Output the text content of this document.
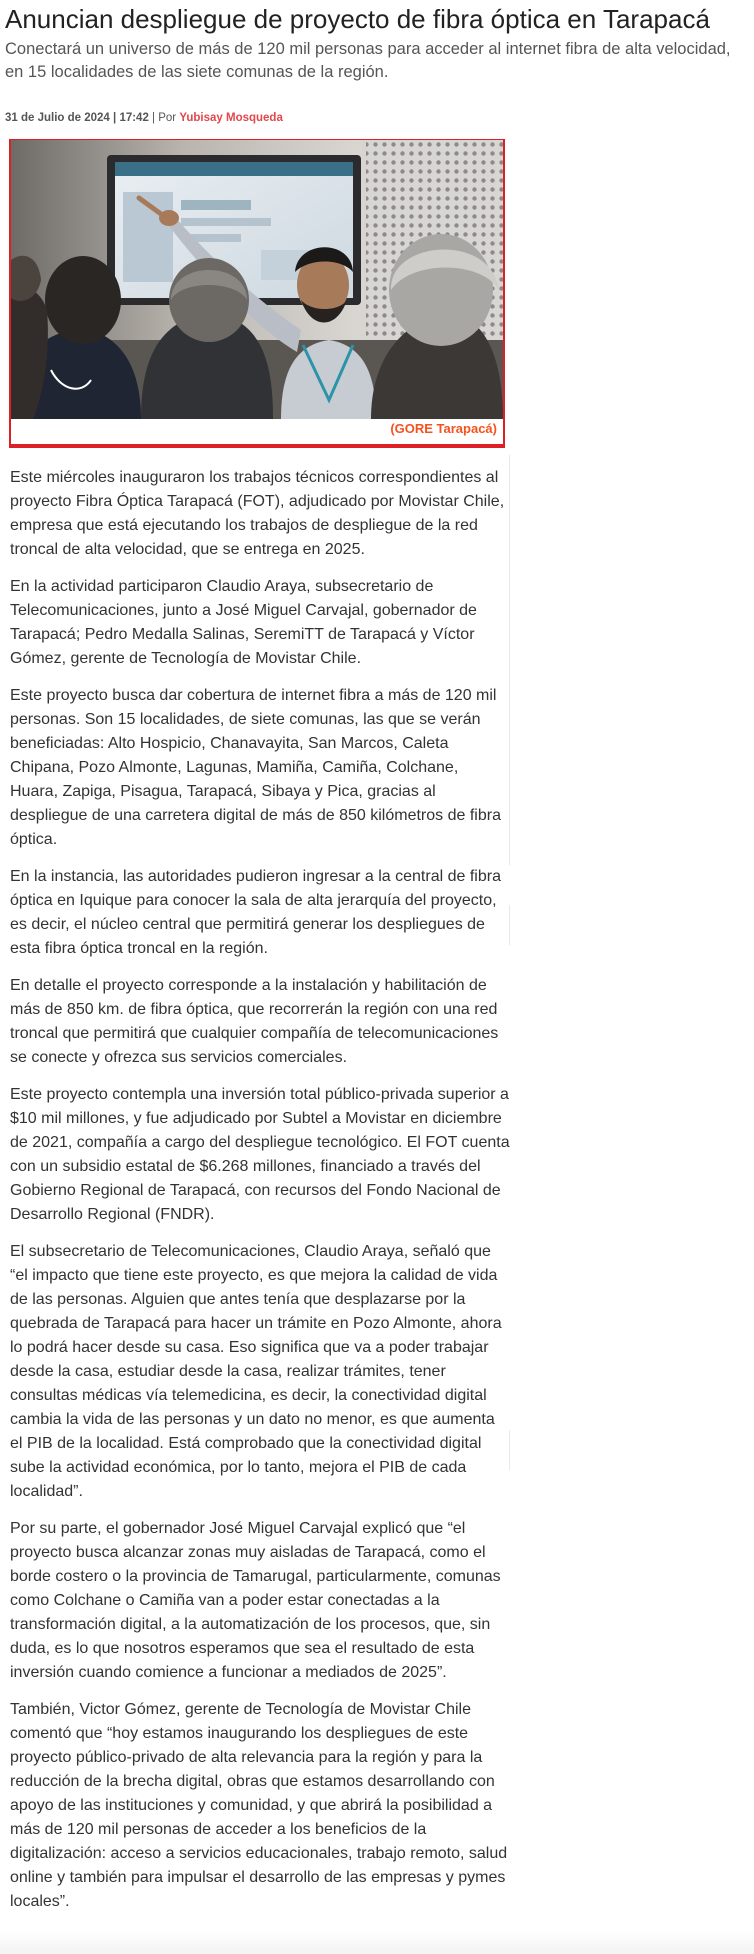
Anuncian despliegue de proyecto de fibra óptica en Tarapacá

Conectará un universo de más de 120 mil personas para acceder al internet fibra de alta velocidad, en 15 localidades de las siete comunas de la región.

31 de Julio de 2024 | 17:42 | Por Yubisay Mosqueda
(GORE Tarapacá)

Este miércoles inauguraron los trabajos técnicos correspondientes al proyecto Fibra Óptica Tarapacá (FOT), adjudicado por Movistar Chile, empresa que está ejecutando los trabajos de despliegue de la red troncal de alta velocidad, que se entrega en 2025.

En la actividad participaron Claudio Araya, subsecretario de Telecomunicaciones, junto a José Miguel Carvajal, gobernador de Tarapacá; Pedro Medalla Salinas, SeremiTT de Tarapacá y Víctor Gómez, gerente de Tecnología de Movistar Chile.

Este proyecto busca dar cobertura de internet fibra a más de 120 mil personas. Son 15 localidades, de siete comunas, las que se verán beneficiadas: Alto Hospicio, Chanavayita, San Marcos, Caleta Chipana, Pozo Almonte, Lagunas, Mamiña, Camiña, Colchane, Huara, Zapiga, Pisagua, Tarapacá, Sibaya y Pica, gracias al despliegue de una carretera digital de más de 850 kilómetros de fibra óptica.

En la instancia, las autoridades pudieron ingresar a la central de fibra óptica en Iquique para conocer la sala de alta jerarquía del proyecto, es decir, el núcleo central que permitirá generar los despliegues de esta fibra óptica troncal en la región.

En detalle el proyecto corresponde a la instalación y habilitación de más de 850 km. de fibra óptica, que recorrerán la región con una red troncal que permitirá que cualquier compañía de telecomunicaciones se conecte y ofrezca sus servicios comerciales.

Este proyecto contempla una inversión total público-privada superior a $10 mil millones, y fue adjudicado por Subtel a Movistar en diciembre de 2021, compañía a cargo del despliegue tecnológico. El FOT cuenta con un subsidio estatal de $6.268 millones, financiado a través del Gobierno Regional de Tarapacá, con recursos del Fondo Nacional de Desarrollo Regional (FNDR).

El subsecretario de Telecomunicaciones, Claudio Araya, señaló que “el impacto que tiene este proyecto, es que mejora la calidad de vida de las personas. Alguien que antes tenía que desplazarse por la quebrada de Tarapacá para hacer un trámite en Pozo Almonte, ahora lo podrá hacer desde su casa. Eso significa que va a poder trabajar desde la casa, estudiar desde la casa, realizar trámites, tener consultas médicas vía telemedicina, es decir, la conectividad digital cambia la vida de las personas y un dato no menor, es que aumenta el PIB de la localidad. Está comprobado que la conectividad digital sube la actividad económica, por lo tanto, mejora el PIB de cada localidad”.

Por su parte, el gobernador José Miguel Carvajal explicó que “el proyecto busca alcanzar zonas muy aisladas de Tarapacá, como el borde costero o la provincia de Tamarugal, particularmente, comunas como Colchane o Camiña van a poder estar conectadas a la transformación digital, a la automatización de los procesos, que, sin duda, es lo que nosotros esperamos que sea el resultado de esta inversión cuando comience a funcionar a mediados de 2025”.

También, Victor Gómez, gerente de Tecnología de Movistar Chile comentó que “hoy estamos inaugurando los despliegues de este proyecto público-privado de alta relevancia para la región y para la reducción de la brecha digital, obras que estamos desarrollando con apoyo de las instituciones y comunidad, y que abrirá la posibilidad a más de 120 mil personas de acceder a los beneficios de la digitalización: acceso a servicios educacionales, trabajo remoto, salud online y también para impulsar el desarrollo de las empresas y pymes locales”.
